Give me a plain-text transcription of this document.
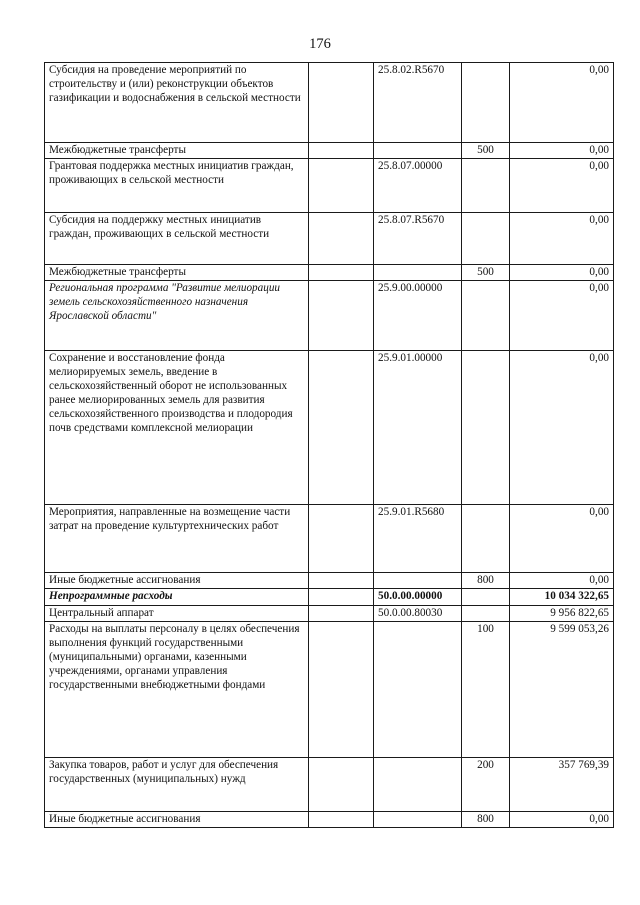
176
Субсидия на проведение мероприятий по строительству и (или) реконструкции объектов газификации и водоснабжения в сельской местности		25.8.02.R5670		0,00
Межбюджетные трансферты			500	0,00
Грантовая поддержка местных инициатив граждан, проживающих в сельской местности		25.8.07.00000		0,00
Субсидия на поддержку местных инициатив граждан, проживающих в сельской местности		25.8.07.R5670		0,00
Межбюджетные трансферты			500	0,00
Региональная программа "Развитие мелиорации земель сельскохозяйственного назначения Ярославской области"		25.9.00.00000		0,00
Сохранение и восстановление фонда мелиорируемых земель, введение в сельскохозяйственный оборот не использованных ранее мелиорированных земель для развития сельскохозяйственного производства и плодородия почв средствами комплексной мелиорации		25.9.01.00000		0,00
Мероприятия, направленные на возмещение части затрат на проведение культуртехнических работ		25.9.01.R5680		0,00
Иные бюджетные ассигнования			800	0,00
Непрограммные расходы		50.0.00.00000		10 034 322,65
Центральный аппарат		50.0.00.80030		9 956 822,65
Расходы на выплаты персоналу в целях обеспечения выполнения функций государственными (муниципальными) органами, казенными учреждениями, органами управления государственными внебюджетными фондами			100	9 599 053,26
Закупка товаров, работ и услуг для обеспечения государственных (муниципальных) нужд			200	357 769,39
Иные бюджетные ассигнования			800	0,00
